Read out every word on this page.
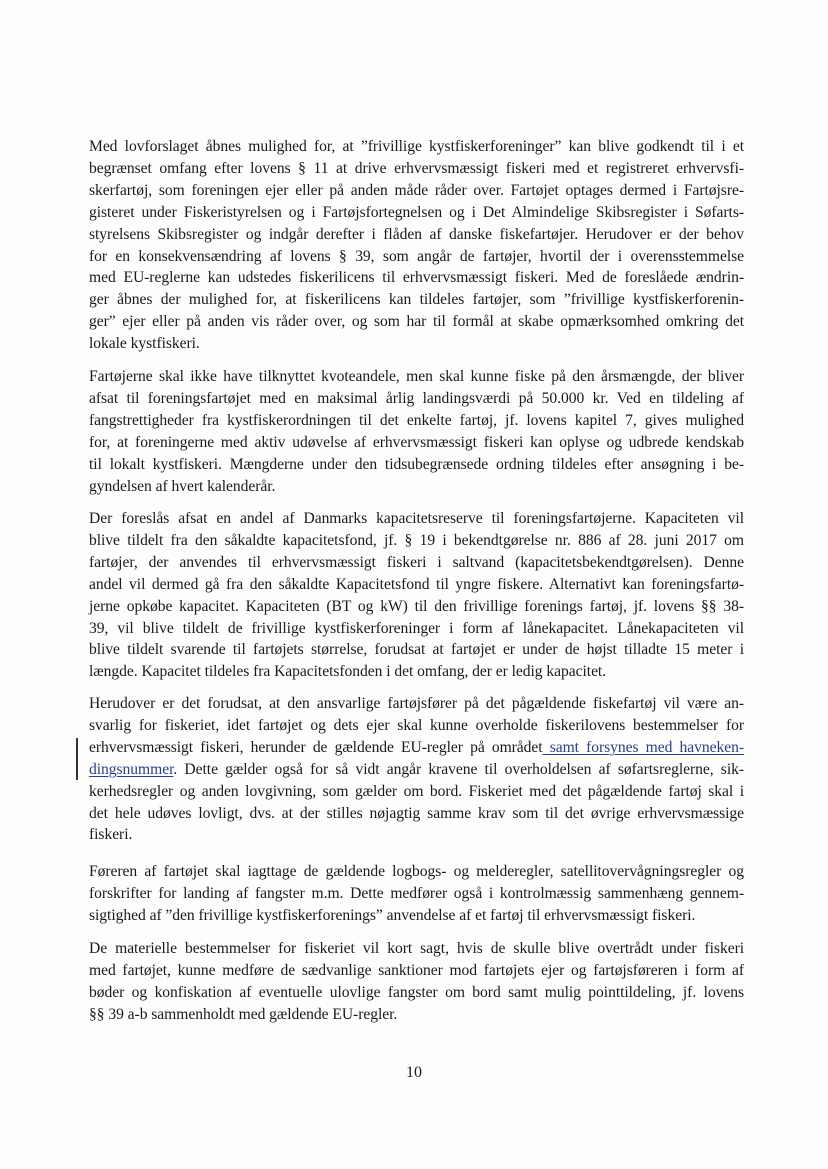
Med lovforslaget åbnes mulighed for, at ”frivillige kystfiskerforeninger” kan blive godkendt til i et
begrænset omfang efter lovens § 11 at drive erhvervsmæssigt fiskeri med et registreret erhvervsfi-
skerfartøj, som foreningen ejer eller på anden måde råder over. Fartøjet optages dermed i Fartøjsre-
gisteret under Fiskeristyrelsen og i Fartøjsfortegnelsen og i Det Almindelige Skibsregister i Søfarts-
styrelsens Skibsregister og indgår derefter i flåden af danske fiskefartøjer. Herudover er der behov
for en konsekvensændring af lovens § 39, som angår de fartøjer, hvortil der i overensstemmelse
med EU-reglerne kan udstedes fiskerilicens til erhvervsmæssigt fiskeri. Med de foreslåede ændrin-
ger åbnes der mulighed for, at fiskerilicens kan tildeles fartøjer, som ”frivillige kystfiskerforenin-
ger” ejer eller på anden vis råder over, og som har til formål at skabe opmærksomhed omkring det
lokale kystfiskeri.
Fartøjerne skal ikke have tilknyttet kvoteandele, men skal kunne fiske på den årsmængde, der bliver
afsat til foreningsfartøjet med en maksimal årlig landingsværdi på 50.000 kr. Ved en tildeling af
fangstrettigheder fra kystfiskerordningen til det enkelte fartøj, jf. lovens kapitel 7, gives mulighed
for, at foreningerne med aktiv udøvelse af erhvervsmæssigt fiskeri kan oplyse og udbrede kendskab
til lokalt kystfiskeri. Mængderne under den tidsubegrænsede ordning tildeles efter ansøgning i be-
gyndelsen af hvert kalenderår.
Der foreslås afsat en andel af Danmarks kapacitetsreserve til foreningsfartøjerne. Kapaciteten vil
blive tildelt fra den såkaldte kapacitetsfond, jf. § 19 i bekendtgørelse nr. 886 af 28. juni 2017 om
fartøjer, der anvendes til erhvervsmæssigt fiskeri i saltvand (kapacitetsbekendtgørelsen). Denne
andel vil dermed gå fra den såkaldte Kapacitetsfond til yngre fiskere. Alternativt kan foreningsfartø-
jerne opkøbe kapacitet. Kapaciteten (BT og kW) til den frivillige forenings fartøj, jf. lovens §§ 38-
39, vil blive tildelt de frivillige kystfiskerforeninger i form af lånekapacitet. Lånekapaciteten vil
blive tildelt svarende til fartøjets størrelse, forudsat at fartøjet er under de højst tilladte 15 meter i
længde. Kapacitet tildeles fra Kapacitetsfonden i det omfang, der er ledig kapacitet.
Herudover er det forudsat, at den ansvarlige fartøjsfører på det pågældende fiskefartøj vil være an-
svarlig for fiskeriet, idet fartøjet og dets ejer skal kunne overholde fiskerilovens bestemmelser for
erhvervsmæssigt fiskeri, herunder de gældende EU-regler på området samt forsynes med havneken-
dingsnummer. Dette gælder også for så vidt angår kravene til overholdelsen af søfartsreglerne, sik-
kerhedsregler og anden lovgivning, som gælder om bord. Fiskeriet med det pågældende fartøj skal i
det hele udøves lovligt, dvs. at der stilles nøjagtig samme krav som til det øvrige erhvervsmæssige
fiskeri.
Føreren af fartøjet skal iagttage de gældende logbogs- og melderegler, satellitovervågningsregler og
forskrifter for landing af fangster m.m. Dette medfører også i kontrolmæssig sammenhæng gennem-
sigtighed af ”den frivillige kystfiskerforenings” anvendelse af et fartøj til erhvervsmæssigt fiskeri.
De materielle bestemmelser for fiskeriet vil kort sagt, hvis de skulle blive overtrådt under fiskeri
med fartøjet, kunne medføre de sædvanlige sanktioner mod fartøjets ejer og fartøjsføreren i form af
bøder og konfiskation af eventuelle ulovlige fangster om bord samt mulig pointtildeling, jf. lovens
§§ 39 a-b sammenholdt med gældende EU-regler.
10
